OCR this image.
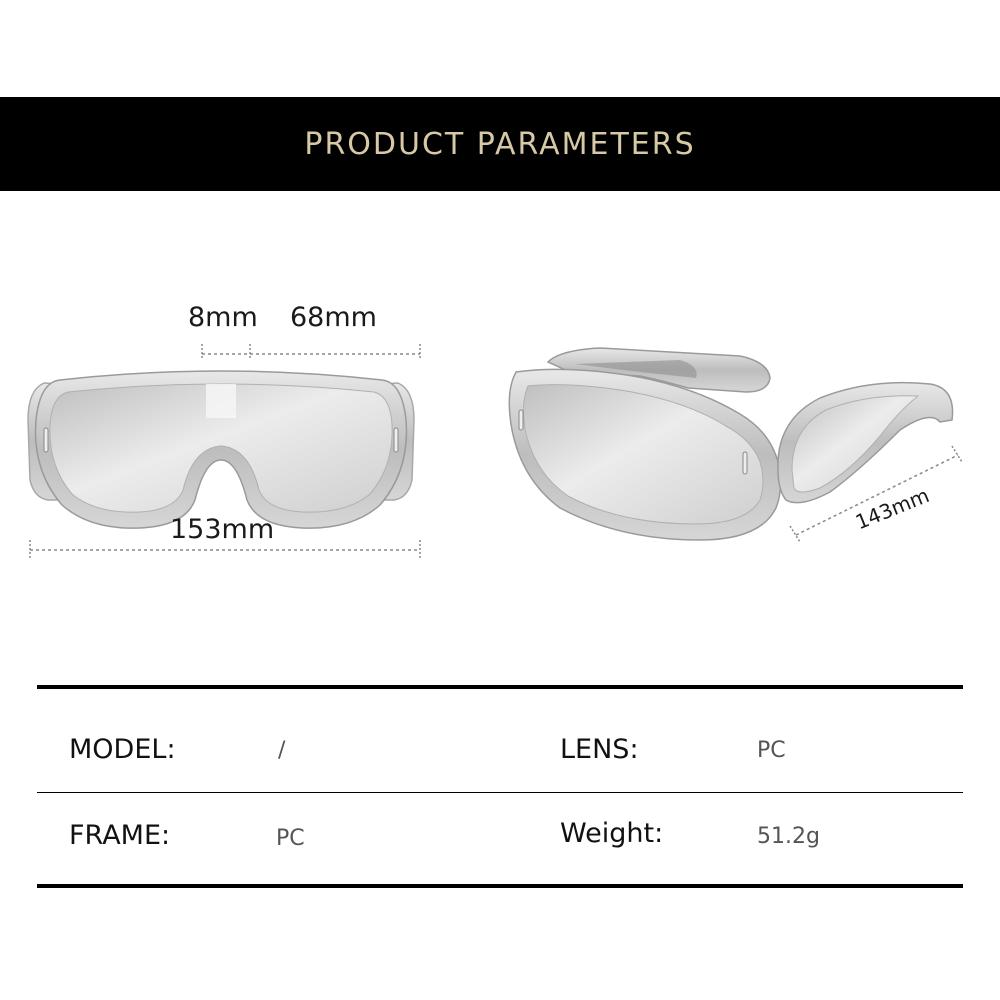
PRODUCT PARAMETERS
8mm 68mm
153mm	143mm
MODEL:	/	LENS:	PC
FRAME:	PC	Weight:	51.2g
